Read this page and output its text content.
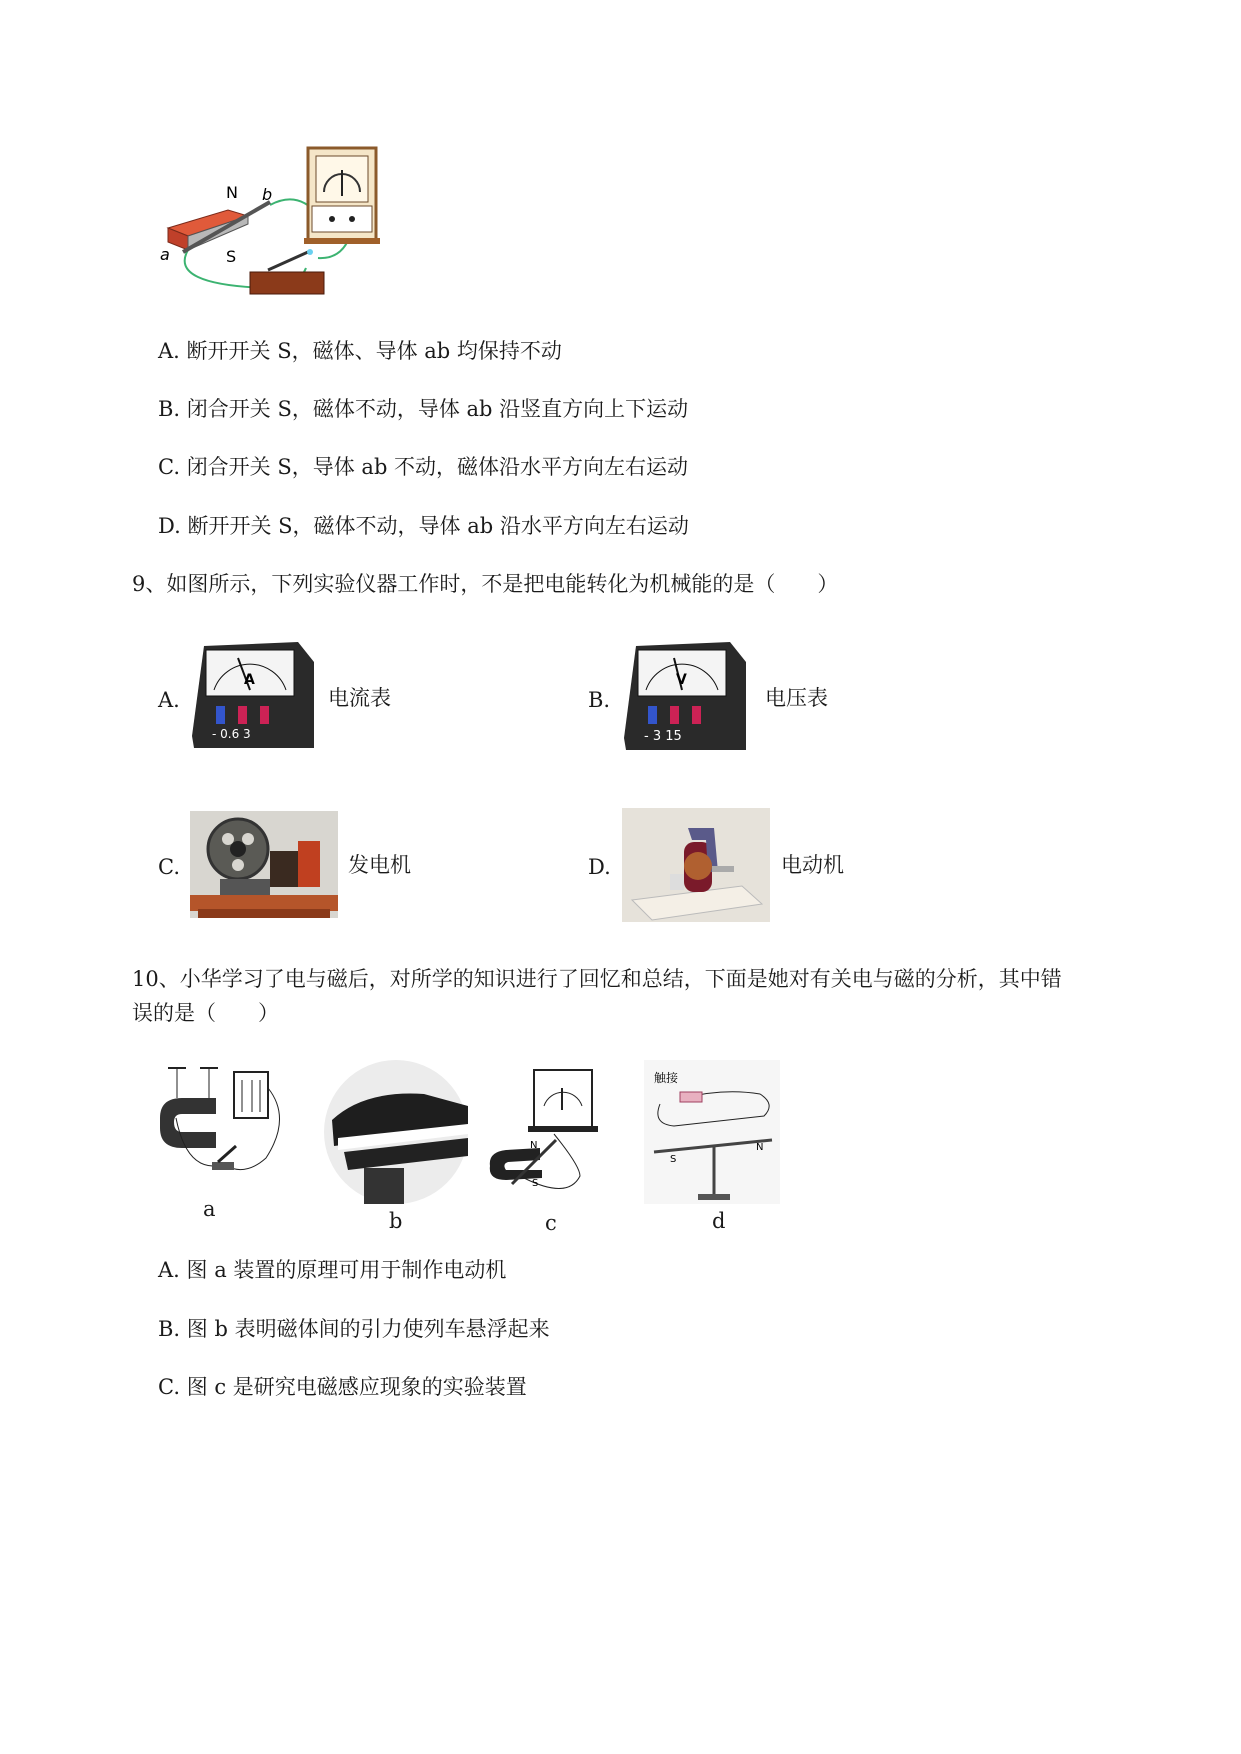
N
S
a
b
A. 断开开关 S，磁体、导体 ab 均保持不动
B. 闭合开关 S，磁体不动，导体 ab 沿竖直方向上下运动
C. 闭合开关 S，导体 ab 不动，磁体沿水平方向左右运动
D. 断开开关 S，磁体不动，导体 ab 沿水平方向左右运动
9、如图所示，下列实验仪器工作时，不是把电能转化为机械能的是（　　）
A.
A
- 0.6 3
电流表	B.
V
- 3 15
电压表
C.	发电机	D.	电动机
10、小华学习了电与磁后，对所学的知识进行了回忆和总结，下面是她对有关电与磁的分析，其中错
误的是（　　）
a	b
N
S
c
触接
S
N
d
A. 图 a 装置的原理可用于制作电动机
B. 图 b 表明磁体间的引力使列车悬浮起来
C. 图 c 是研究电磁感应现象的实验装置
